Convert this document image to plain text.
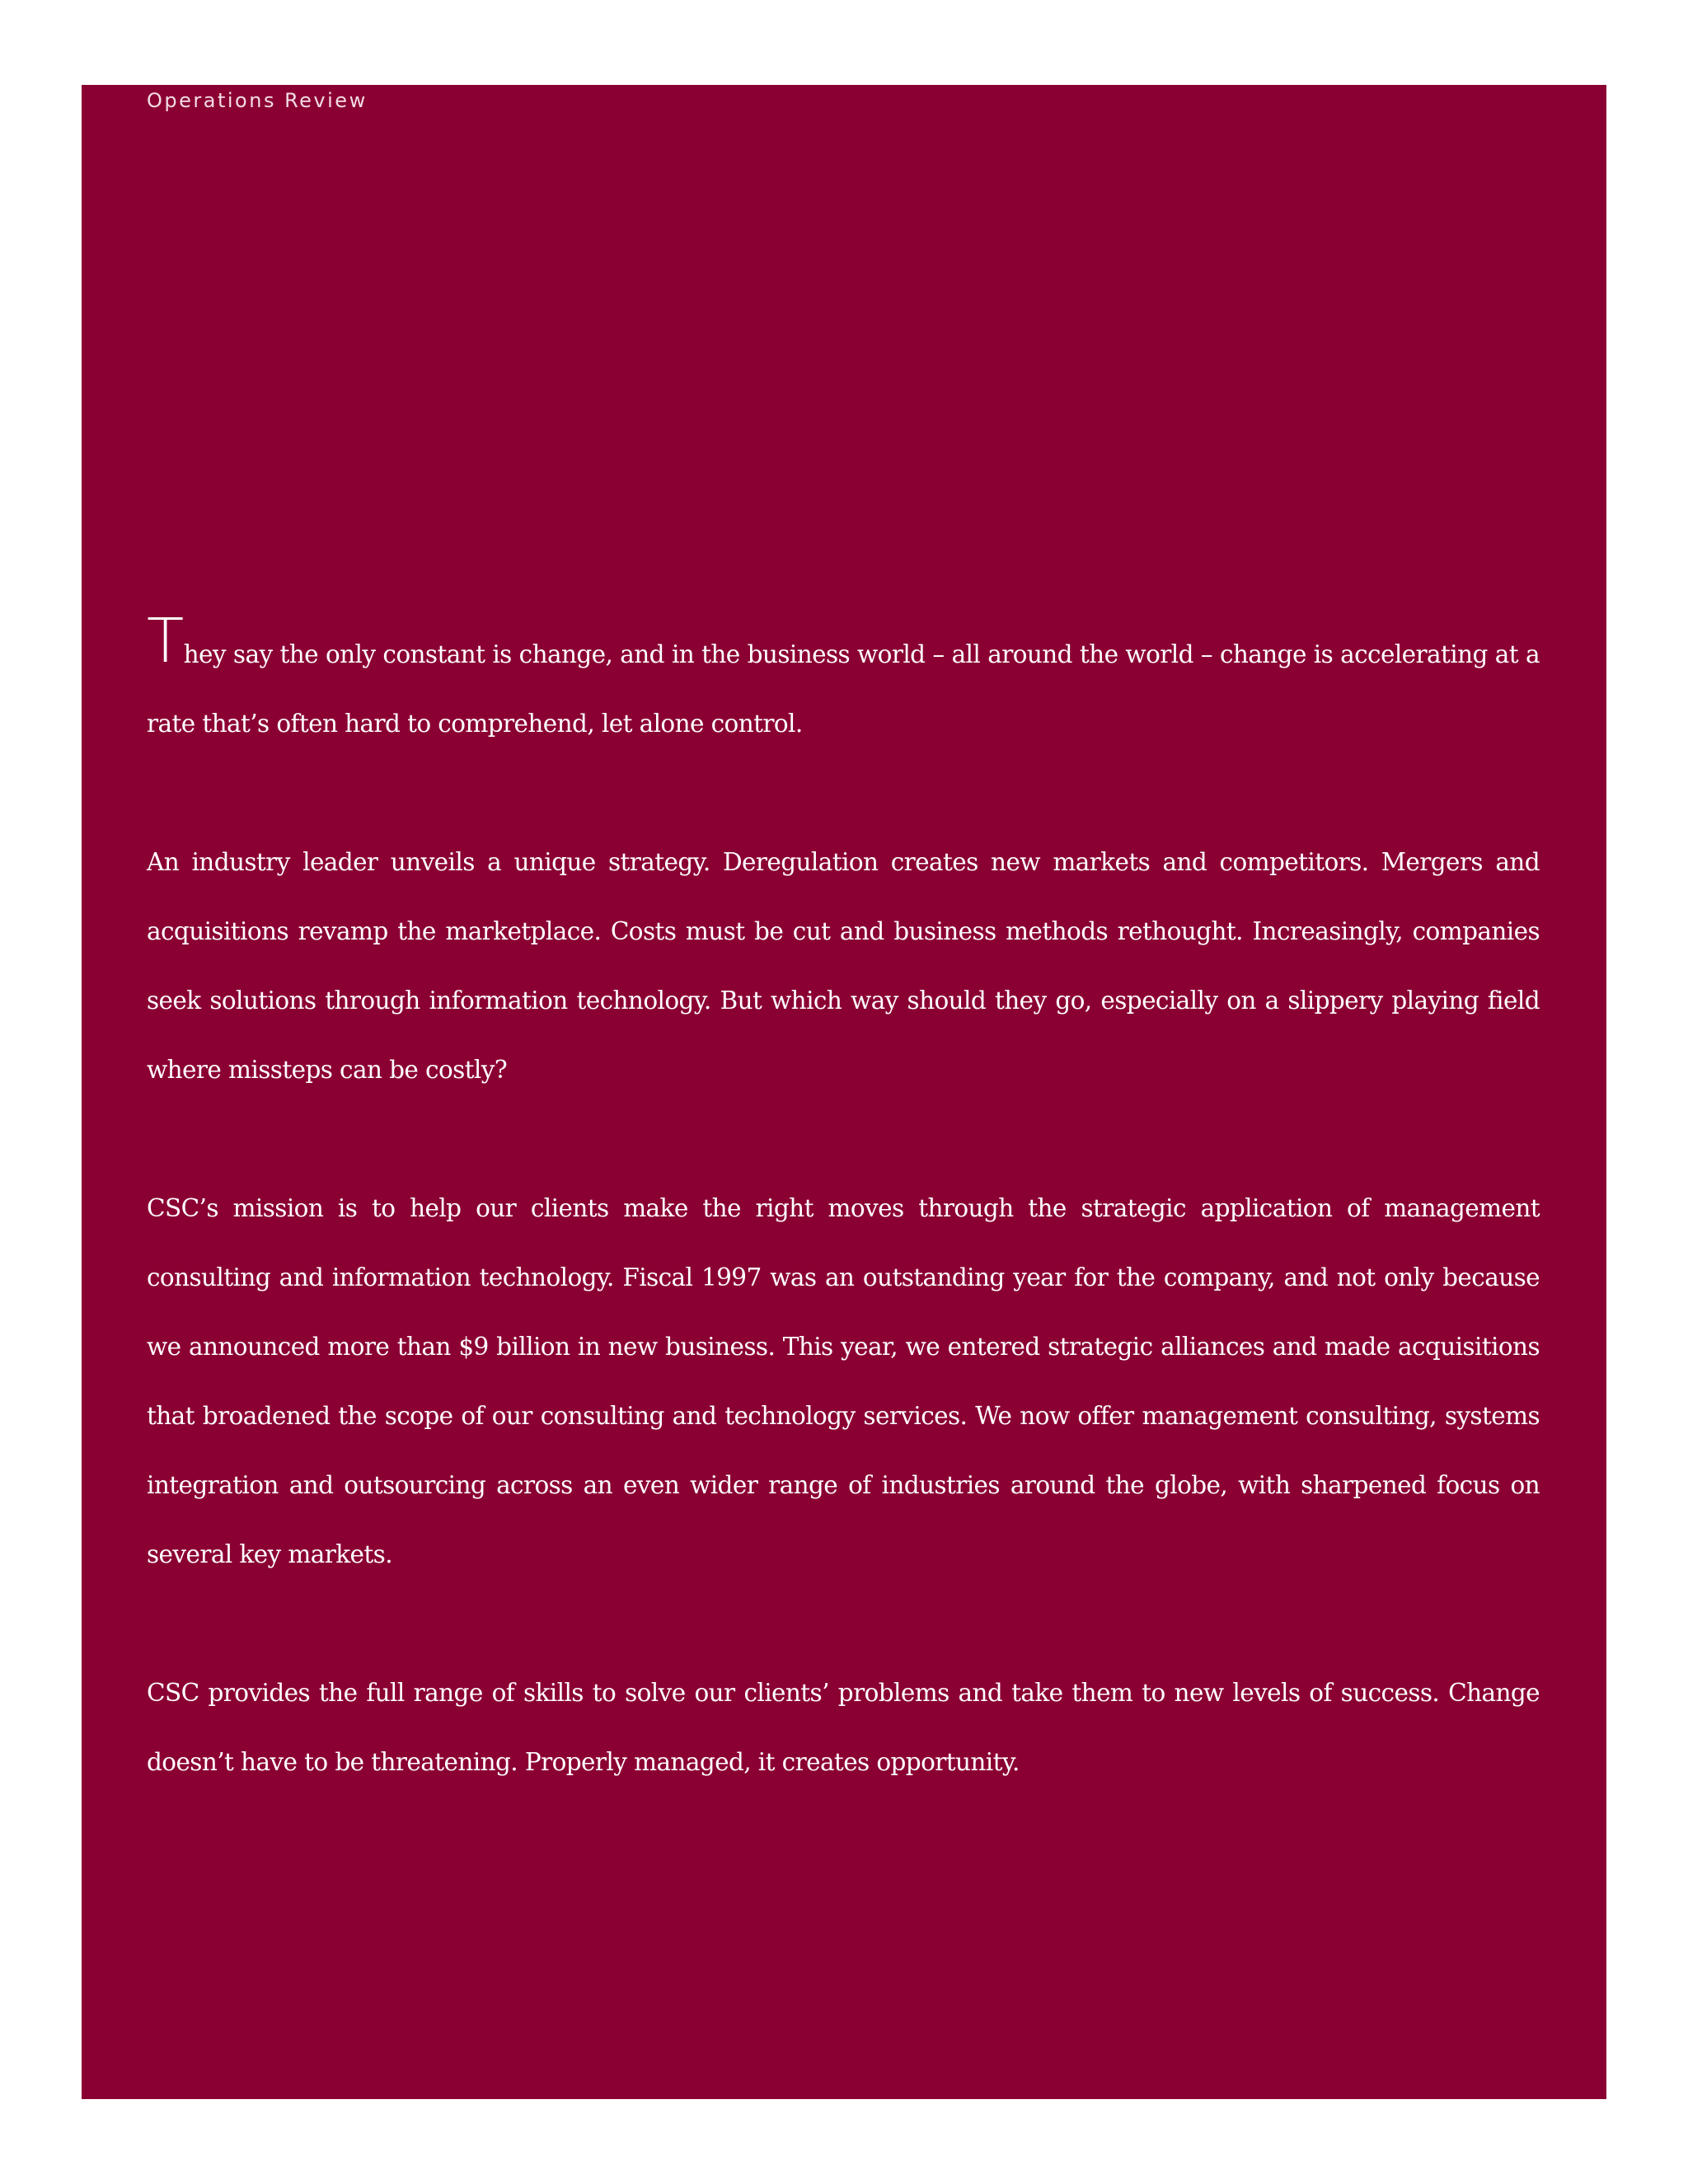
Operations Review

They say the only constant is change, and in the business world – all around the world – change is accelerating at a rate that’s often hard to comprehend, let alone control.

An industry leader unveils a unique strategy. Deregulation creates new markets and competitors. Mergers and acquisitions revamp the marketplace. Costs must be cut and business methods rethought. Increasingly, companies seek solutions through information technology. But which way should they go, especially on a slippery playing field where missteps can be costly?

CSC’s mission is to help our clients make the right moves through the strategic application of management consulting and information technology. Fiscal 1997 was an outstanding year for the company, and not only because we announced more than $9 billion in new business. This year, we entered strategic alliances and made acquisitions that broadened the scope of our consulting and technology services. We now offer management consulting, systems integration and outsourcing across an even wider range of industries around the globe, with sharpened focus on several key markets.

CSC provides the full range of skills to solve our clients’ problems and take them to new levels of success. Change doesn’t have to be threatening. Properly managed, it creates opportunity.
